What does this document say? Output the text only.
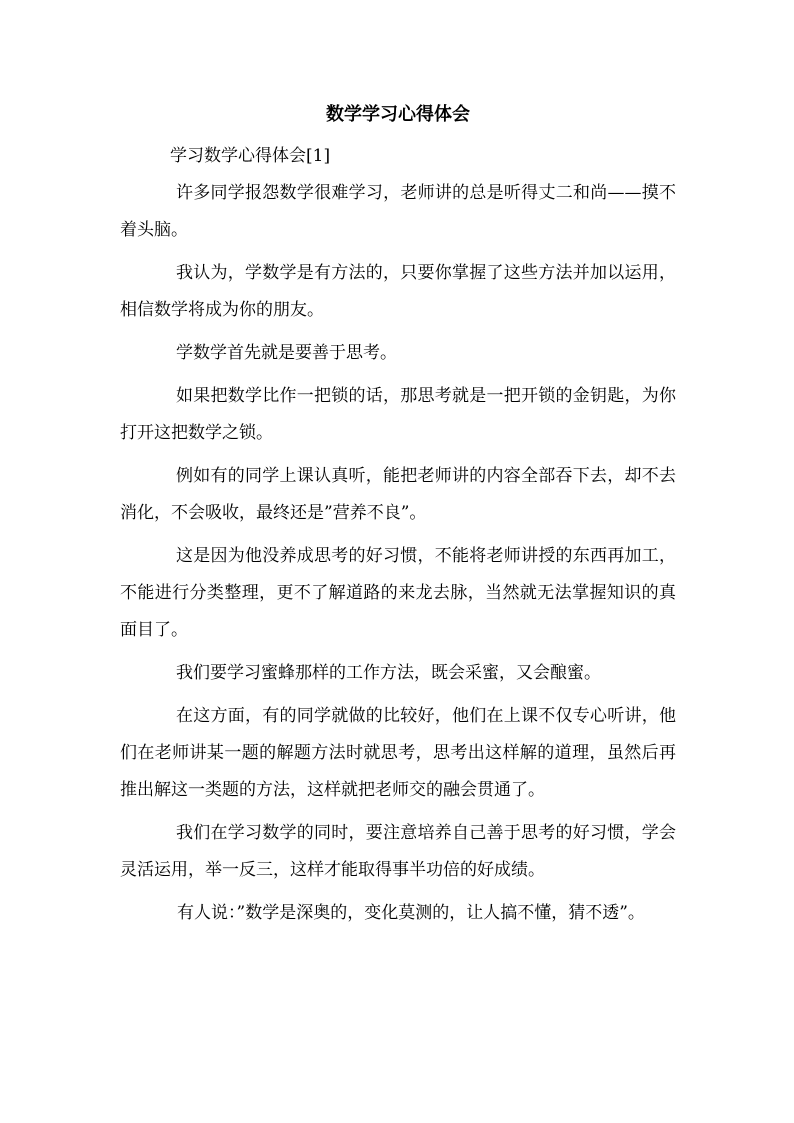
数学学习心得体会

学习数学心得体会[1]

许多同学报怨数学很难学习，老师讲的总是听得丈二和尚——摸不着头脑。

我认为，学数学是有方法的，只要你掌握了这些方法并加以运用，相信数学将成为你的朋友。

学数学首先就是要善于思考。

如果把数学比作一把锁的话，那思考就是一把开锁的金钥匙，为你打开这把数学之锁。

例如有的同学上课认真听，能把老师讲的内容全部吞下去，却不去消化，不会吸收，最终还是”营养不良”。

这是因为他没养成思考的好习惯，不能将老师讲授的东西再加工，不能进行分类整理，更不了解道路的来龙去脉，当然就无法掌握知识的真面目了。

我们要学习蜜蜂那样的工作方法，既会采蜜，又会酿蜜。

在这方面，有的同学就做的比较好，他们在上课不仅专心听讲，他们在老师讲某一题的解题方法时就思考，思考出这样解的道理，虽然后再推出解这一类题的方法，这样就把老师交的融会贯通了。

我们在学习数学的同时，要注意培养自己善于思考的好习惯，学会灵活运用，举一反三，这样才能取得事半功倍的好成绩。

有人说：”数学是深奥的，变化莫测的，让人搞不懂，猜不透”。
